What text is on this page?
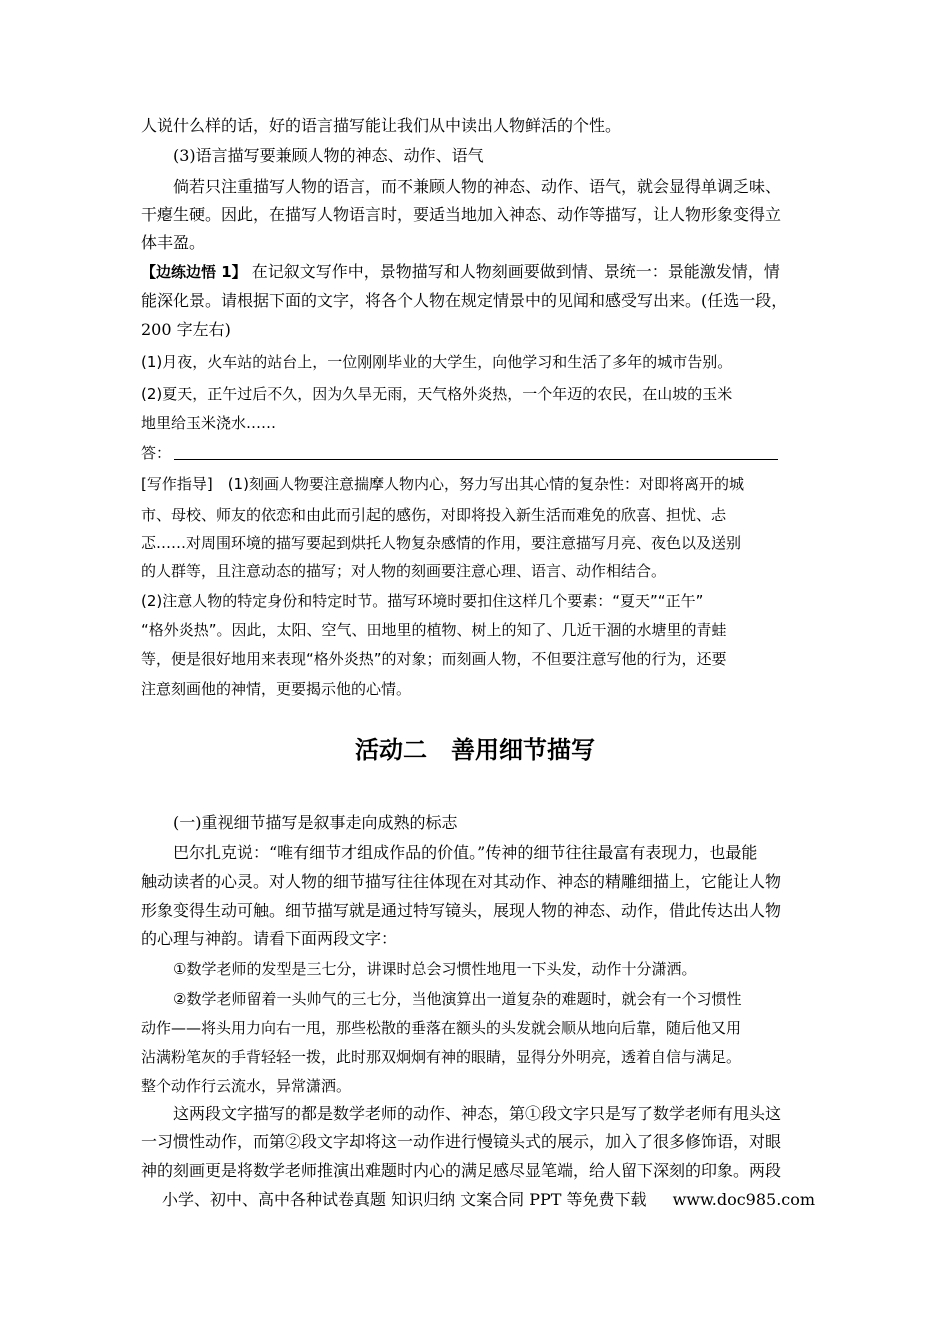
人说什么样的话，好的语言描写能让我们从中读出人物鲜活的个性。
(3)语言描写要兼顾人物的神态、动作、语气
倘若只注重描写人物的语言，而不兼顾人物的神态、动作、语气，就会显得单调乏味、
干瘪生硬。因此，在描写人物语言时，要适当地加入神态、动作等描写，让人物形象变得立
体丰盈。
【边练边悟 1】 在记叙文写作中，景物描写和人物刻画要做到情、景统一：景能激发情，情
能深化景。请根据下面的文字，将各个人物在规定情景中的见闻和感受写出来。(任选一段，
200 字左右)
(1)月夜，火车站的站台上，一位刚刚毕业的大学生，向他学习和生活了多年的城市告别。
(2)夏天，正午过后不久，因为久旱无雨，天气格外炎热，一个年迈的农民，在山坡的玉米
地里给玉米浇水……
答：
[写作指导]　(1)刻画人物要注意揣摩人物内心，努力写出其心情的复杂性：对即将离开的城
市、母校、师友的依恋和由此而引起的感伤，对即将投入新生活而难免的欣喜、担忧、忐
忑……对周围环境的描写要起到烘托人物复杂感情的作用，要注意描写月亮、夜色以及送别
的人群等，且注意动态的描写；对人物的刻画要注意心理、语言、动作相结合。
(2)注意人物的特定身份和特定时节。描写环境时要扣住这样几个要素：“夏天”“正午”
“格外炎热”。因此，太阳、空气、田地里的植物、树上的知了、几近干涸的水塘里的青蛙
等，便是很好地用来表现“格外炎热”的对象；而刻画人物，不但要注意写他的行为，还要
注意刻画他的神情，更要揭示他的心情。
活动二　善用细节描写
(一)重视细节描写是叙事走向成熟的标志
巴尔扎克说：“唯有细节才组成作品的价值。”传神的细节往往最富有表现力，也最能
触动读者的心灵。对人物的细节描写往往体现在对其动作、神态的精雕细描上，它能让人物
形象变得生动可触。细节描写就是通过特写镜头，展现人物的神态、动作，借此传达出人物
的心理与神韵。请看下面两段文字：
①数学老师的发型是三七分，讲课时总会习惯性地甩一下头发，动作十分潇洒。
②数学老师留着一头帅气的三七分，当他演算出一道复杂的难题时，就会有一个习惯性
动作——将头用力向右一甩，那些松散的垂落在额头的头发就会顺从地向后靠，随后他又用
沾满粉笔灰的手背轻轻一拨，此时那双炯炯有神的眼睛，显得分外明亮，透着自信与满足。
整个动作行云流水，异常潇洒。
这两段文字描写的都是数学老师的动作、神态，第①段文字只是写了数学老师有甩头这
一习惯性动作，而第②段文字却将这一动作进行慢镜头式的展示，加入了很多修饰语，对眼
神的刻画更是将数学老师推演出难题时内心的满足感尽显笔端，给人留下深刻的印象。两段
小学、初中、高中各种试卷真题 知识归纳 文案合同 PPT 等免费下载 www.doc985.com
